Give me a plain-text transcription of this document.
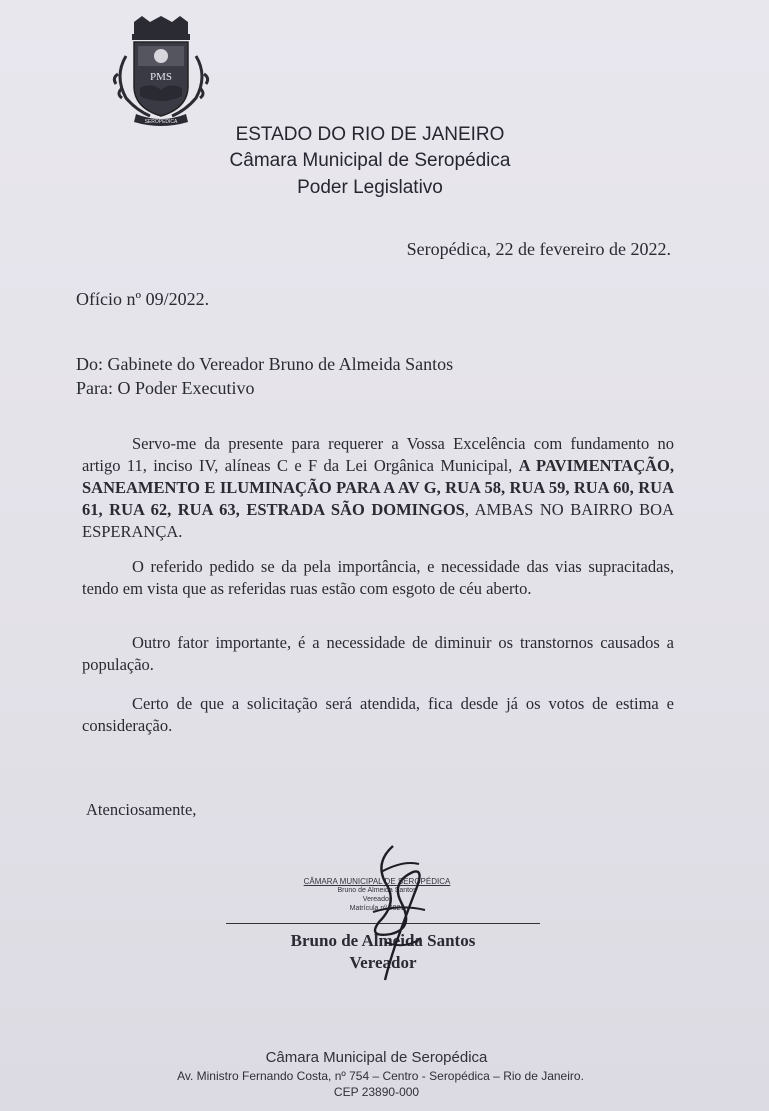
PMS
SEROPÉDICA
ESTADO DO RIO DE JANEIRO
Câmara Municipal de Seropédica
Poder Legislativo
Seropédica, 22 de fevereiro de 2022.
Ofício nº 09/2022.
Do: Gabinete do Vereador Bruno de Almeida Santos
Para: O Poder Executivo
Servo-me da presente para requerer a Vossa Excelência com fundamento no artigo 11, inciso IV, alíneas C e F da Lei Orgânica Municipal, A PAVIMENTAÇÃO, SANEAMENTO E ILUMINAÇÃO PARA A AV G, RUA 58, RUA 59, RUA 60, RUA 61, RUA 62, RUA 63, ESTRADA SÃO DOMINGOS, AMBAS NO BAIRRO BOA ESPERANÇA.
O referido pedido se da pela importância, e necessidade das vias supracitadas, tendo em vista que as referidas ruas estão com esgoto de céu aberto.
Outro fator importante, é a necessidade de diminuir os transtornos causados a população.
Certo de que a solicitação será atendida, fica desde já os votos de estima e consideração.
Atenciosamente,
CÂMARA MUNICIPAL DE SEROPÉDICA
Bruno de Almeida Santos
Vereador
Matrícula nº 2021
Bruno de Almeida Santos
Vereador
Câmara Municipal de Seropédica
Av. Ministro Fernando Costa, nº 754 – Centro - Seropédica – Rio de Janeiro.
CEP 23890-000
